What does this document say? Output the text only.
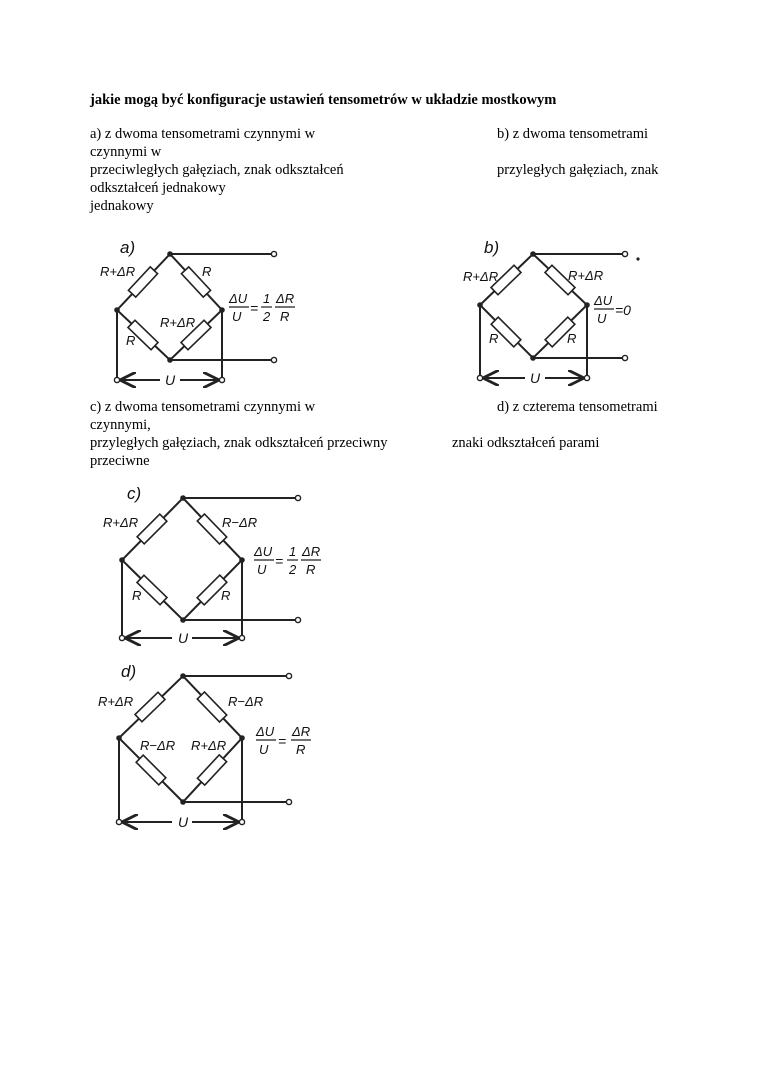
jakie mogą być konfiguracje ustawień tensometrów w układzie mostkowym
a) z dwoma tensometrami czynnymi w	b) z dwoma tensometrami
czynnymi w
przeciwległych gałęziach, znak odkształceń	przyległych gałęziach, znak
odkształceń jednakowy
jednakowy
c) z dwoma tensometrami czynnymi w	d) z czterema tensometrami
czynnymi,
przyległych gałęziach, znak odkształceń przeciwny	znaki odkształceń parami
przeciwne
a)
U
R+ΔR	R
R
R+ΔR
ΔU
U
=
1
2
ΔR
R
b)
U
R+ΔR	R+ΔR
R	R
ΔU
U
=0
c)
U
R+ΔR	R−ΔR
R	R
ΔU
U
=
1
2
ΔR
R
d)
U
R+ΔR	R−ΔR
R−ΔR R+ΔR
ΔU
U
=
ΔR
R
